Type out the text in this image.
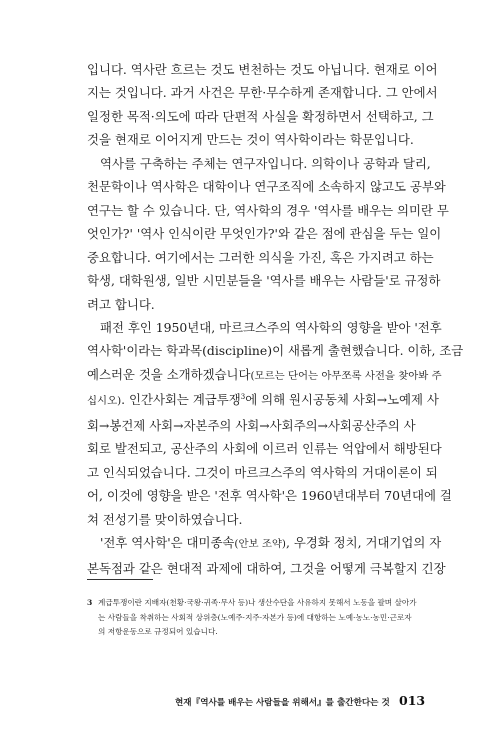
입니다. 역사란 흐르는 것도 변천하는 것도 아닙니다. 현재로 이어
지는 것입니다. 과거 사건은 무한·무수하게 존재합니다. 그 안에서
일정한 목적·의도에 따라 단편적 사실을 확정하면서 선택하고, 그
것을 현재로 이어지게 만드는 것이 역사학이라는 학문입니다.

역사를 구축하는 주체는 연구자입니다. 의학이나 공학과 달리,
천문학이나 역사학은 대학이나 연구조직에 소속하지 않고도 공부와
연구는 할 수 있습니다. 단, 역사학의 경우 '역사를 배우는 의미란 무
엇인가?' '역사 인식이란 무엇인가?'와 같은 점에 관심을 두는 일이
중요합니다. 여기에서는 그러한 의식을 가진, 혹은 가지려고 하는
학생, 대학원생, 일반 시민분들을 '역사를 배우는 사람들'로 규정하
려고 합니다.

패전 후인 1950년대, 마르크스주의 역사학의 영향을 받아 '전후
역사학'이라는 학과목(discipline)이 새롭게 출현했습니다. 이하, 조금
예스러운 것을 소개하겠습니다(모르는 단어는 아무쪼록 사전을 찾아봐 주
십시오). 인간사회는 계급투쟁$^3$에 의해 원시공동체 사회→노예제 사
회→봉건제 사회→자본주의 사회→사회주의→사회공산주의 사
회로 발전되고, 공산주의 사회에 이르러 인류는 억압에서 해방된다
고 인식되었습니다. 그것이 마르크스주의 역사학의 거대이론이 되
어, 이것에 영향을 받은 '전후 역사학'은 1960년대부터 70년대에 걸
쳐 전성기를 맞이하였습니다.

'전후 역사학'은 대미종속(안보 조약), 우경화 정치, 거대기업의 자
본독점과 같은 현대적 과제에 대하여, 그것을 어떻게 극복할지 긴장

3 계급투쟁이란 지배자(천황·국왕·귀족·무사 등)나 생산수단을 사유하지 못해서 노동을 팔며 살아가
는 사람들을 착취하는 사회적 상위층(노예주·지주·자본가 등)에 대항하는 노예·농노·농민·근로자
의 저항운동으로 규정되어 있습니다.
현재『역사를 배우는 사람들을 위해서』를 출간한다는 것 013
